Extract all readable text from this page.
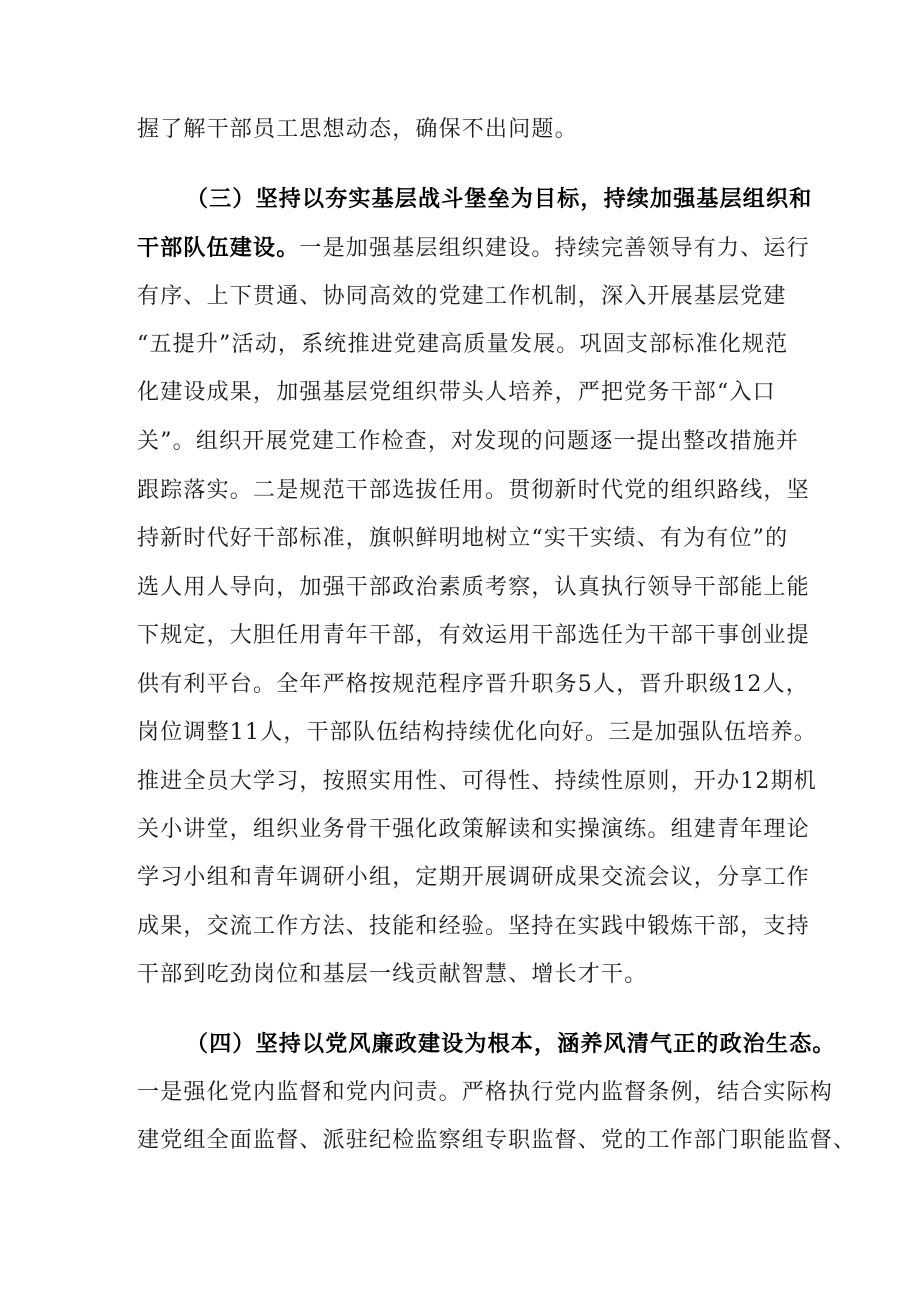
握了解干部员工思想动态，确保不出问题。
（三）坚持以夯实基层战斗堡垒为目标，持续加强基层组织和
干部队伍建设。一是加强基层组织建设。持续完善领导有力、运行
有序、上下贯通、协同高效的党建工作机制，深入开展基层党建
“五提升”活动，系统推进党建高质量发展。巩固支部标准化规范
化建设成果，加强基层党组织带头人培养，严把党务干部“入口
关”。组织开展党建工作检查，对发现的问题逐一提出整改措施并
跟踪落实。二是规范干部选拔任用。贯彻新时代党的组织路线，坚
持新时代好干部标准，旗帜鲜明地树立“实干实绩、有为有位”的
选人用人导向，加强干部政治素质考察，认真执行领导干部能上能
下规定，大胆任用青年干部，有效运用干部选任为干部干事创业提
供有利平台。全年严格按规范程序晋升职务5人，晋升职级12人，
岗位调整11人，干部队伍结构持续优化向好。三是加强队伍培养。
推进全员大学习，按照实用性、可得性、持续性原则，开办12期机
关小讲堂，组织业务骨干强化政策解读和实操演练。组建青年理论
学习小组和青年调研小组，定期开展调研成果交流会议，分享工作
成果，交流工作方法、技能和经验。坚持在实践中锻炼干部，支持
干部到吃劲岗位和基层一线贡献智慧、增长才干。
（四）坚持以党风廉政建设为根本，涵养风清气正的政治生态。
一是强化党内监督和党内问责。严格执行党内监督条例，结合实际构
建党组全面监督、派驻纪检监察组专职监督、党的工作部门职能监督、
